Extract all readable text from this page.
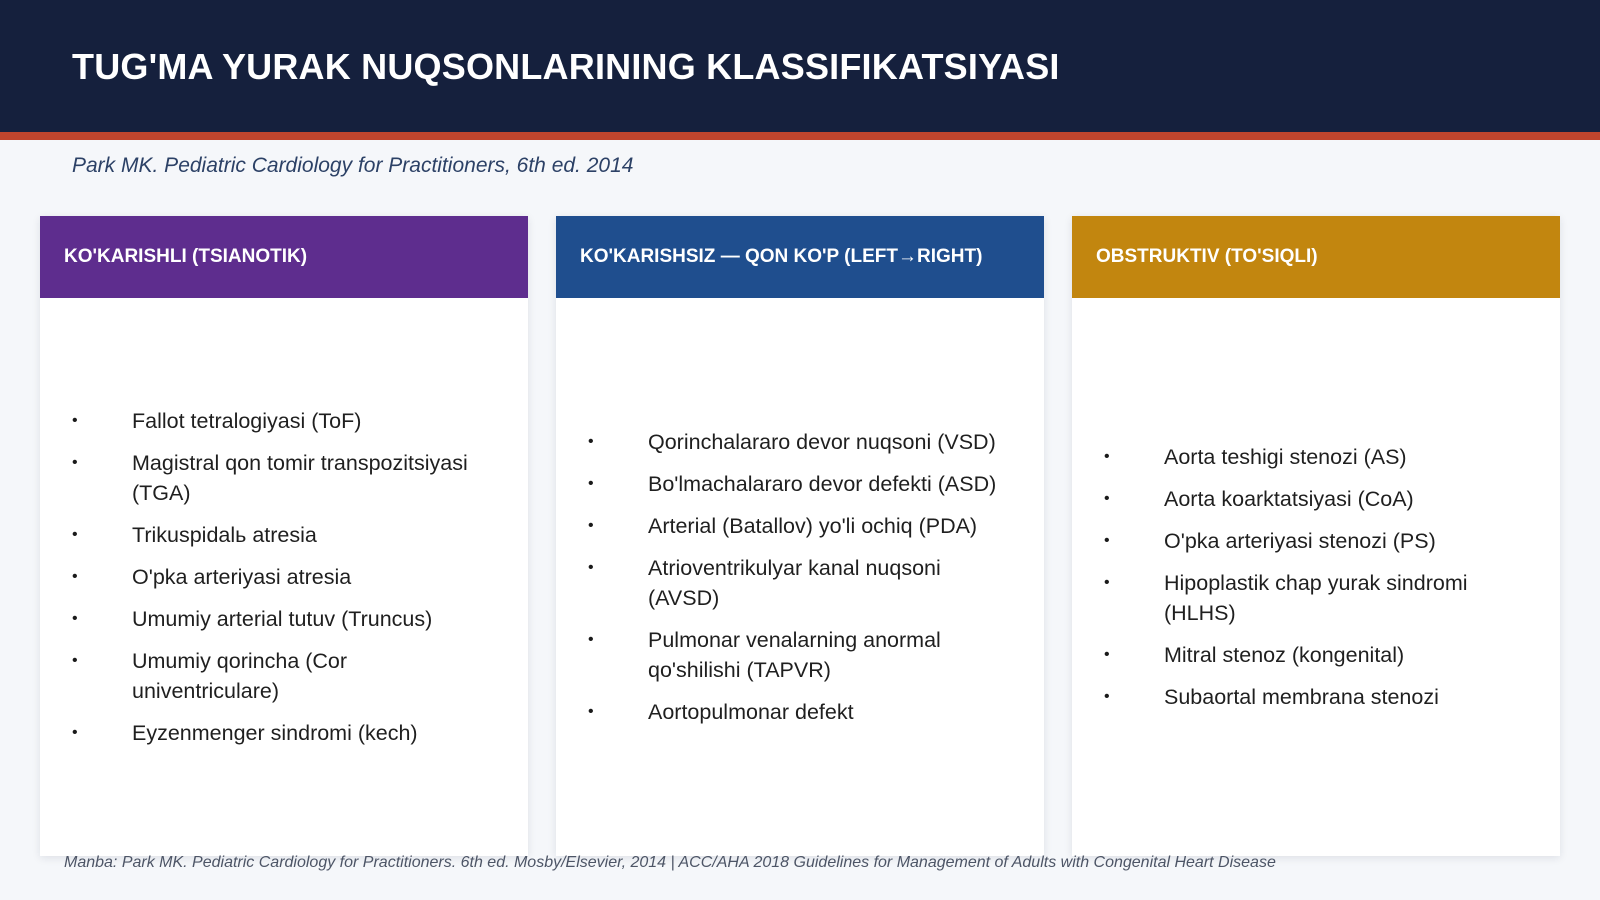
TUG'MA YURAK NUQSONLARINING KLASSIFIKATSIYASI
Park MK. Pediatric Cardiology for Practitioners, 6th ed. 2014
KO'KARISHLI (TSIANOTIK)
•	Fallot tetralogiyasi (ToF)
•	Magistral qon tomir transpozitsiyasi (TGA)
•	Trikuspidalь atresia
•	O'pka arteriyasi atresia
•	Umumiy arterial tutuv (Truncus)
•	Umumiy qorincha (Cor univentriculare)
•	Eyzenmenger sindromi (kech)
KO'KARISHSIZ — QON KO'P (LEFT→RIGHT)
•	Qorinchalararo devor nuqsoni (VSD)
•	Bo'lmachalararo devor defekti (ASD)
•	Arterial (Batallov) yo'li ochiq (PDA)
•	Atrioventrikulyar kanal nuqsoni (AVSD)
•	Pulmonar venalarning anormal qo'shilishi (TAPVR)
•	Aortopulmonar defekt
OBSTRUKTIV (TO'SIQLI)
•	Aorta teshigi stenozi (AS)
•	Aorta koarktatsiyasi (CoA)
•	O'pka arteriyasi stenozi (PS)
•	Hipoplastik chap yurak sindromi (HLHS)
•	Mitral stenoz (kongenital)
•	Subaortal membrana stenozi
Manba: Park MK. Pediatric Cardiology for Practitioners. 6th ed. Mosby/Elsevier, 2014 | ACC/AHA 2018 Guidelines for Management of Adults with Congenital Heart Disease
